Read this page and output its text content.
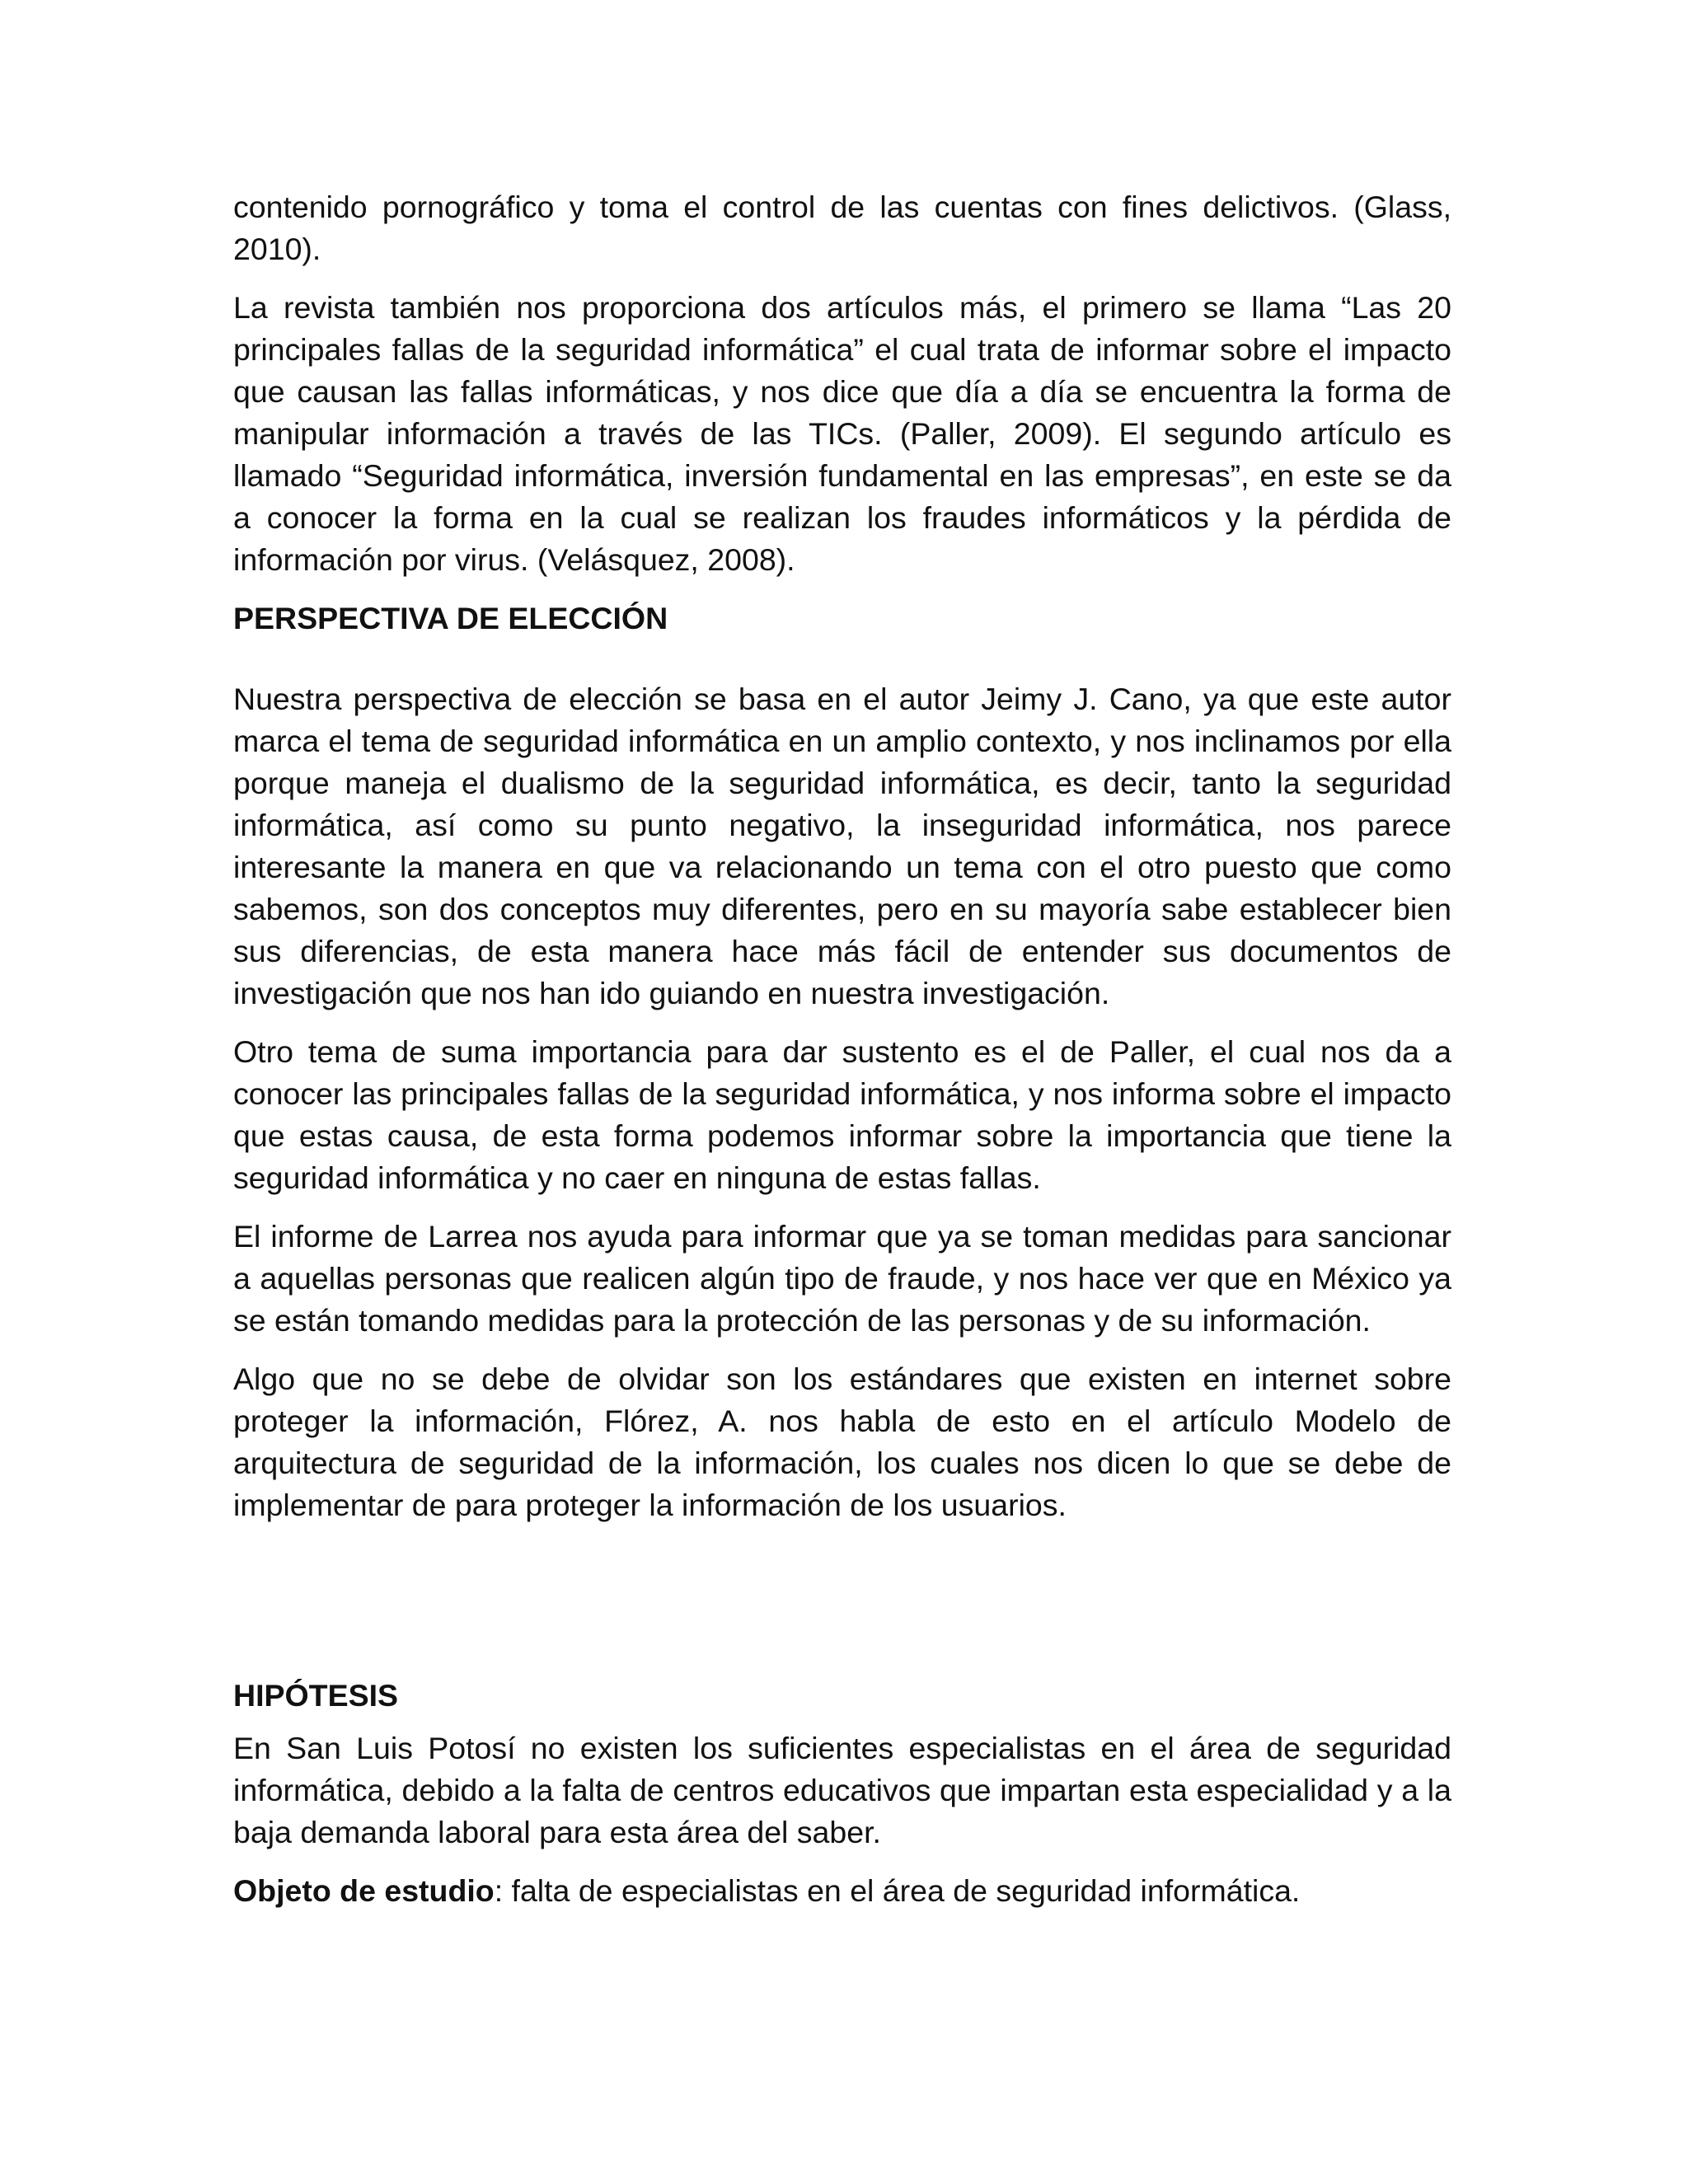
contenido pornográfico y toma el control de las cuentas con fines delictivos. (Glass, 2010).

La revista también nos proporciona dos artículos más, el primero se llama “Las 20 principales fallas de la seguridad informática” el cual trata de informar sobre el impacto que causan las fallas informáticas, y nos dice que día a día se encuentra la forma de manipular información a través de las TICs. (Paller, 2009). El segundo artículo es llamado “Seguridad informática, inversión fundamental en las empresas”, en este se da a conocer la forma en la cual se realizan los fraudes informáticos y la pérdida de información por virus. (Velásquez, 2008).

PERSPECTIVA DE ELECCIÓN

Nuestra perspectiva de elección se basa en el autor Jeimy J. Cano, ya que este autor marca el tema de seguridad informática en un amplio contexto, y nos inclinamos por ella porque maneja el dualismo de la seguridad informática, es decir, tanto la seguridad informática, así como su punto negativo, la inseguridad informática, nos parece interesante la manera en que va relacionando un tema con el otro puesto que como sabemos, son dos conceptos muy diferentes, pero en su mayoría sabe establecer bien sus diferencias, de esta manera hace más fácil de entender sus documentos de investigación que nos han ido guiando en nuestra investigación.

Otro tema de suma importancia para dar sustento es el de Paller, el cual nos da a conocer las principales fallas de la seguridad informática, y nos informa sobre el impacto que estas causa, de esta forma podemos informar sobre la importancia que tiene la seguridad informática y no caer en ninguna de estas fallas.

El informe de Larrea nos ayuda para informar que ya se toman medidas para sancionar a aquellas personas que realicen algún tipo de fraude, y nos hace ver que en México ya se están tomando medidas para la protección de las personas y de su información.

Algo que no se debe de olvidar son los estándares que existen en internet sobre proteger la información, Flórez, A. nos habla de esto en el artículo Modelo de arquitectura de seguridad de la información, los cuales nos dicen lo que se debe de implementar de para proteger la información de los usuarios.

HIPÓTESIS

En San Luis Potosí no existen los suficientes especialistas en el área de seguridad informática, debido a la falta de centros educativos que impartan esta especialidad y a la baja demanda laboral para esta área del saber.

Objeto de estudio: falta de especialistas en el área de seguridad informática.
